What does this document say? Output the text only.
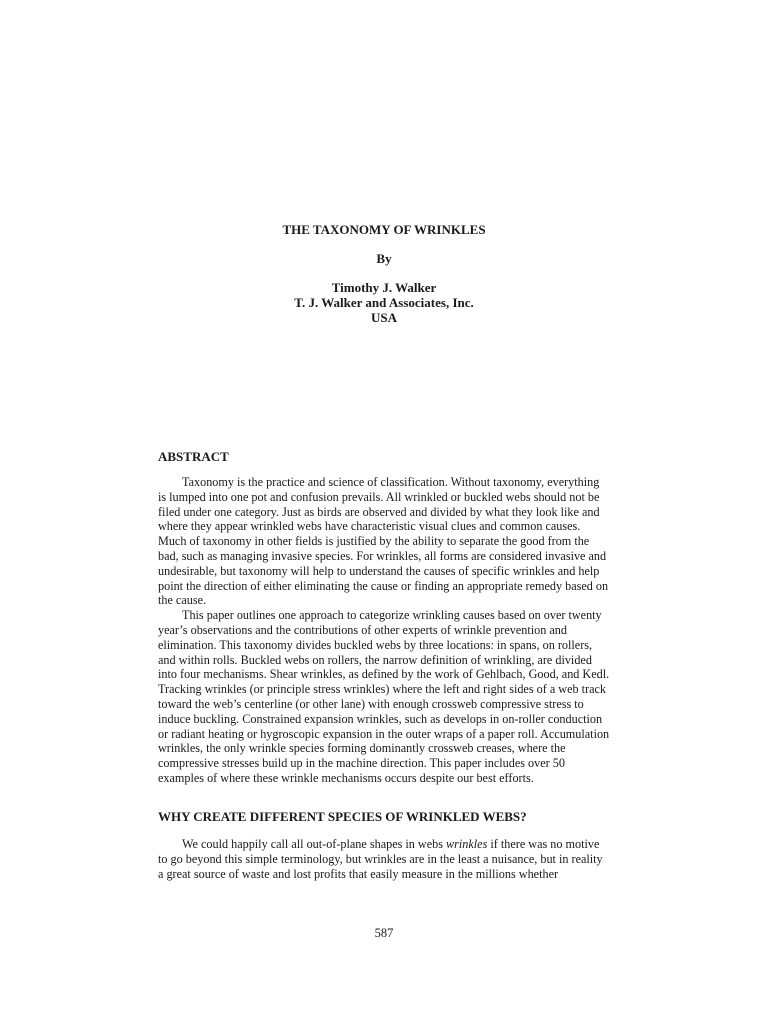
THE TAXONOMY OF WRINKLES
By
Timothy J. Walker
T. J. Walker and Associates, Inc.
USA
ABSTRACT

Taxonomy is the practice and science of classification. Without taxonomy, everything is lumped into one pot and confusion prevails. All wrinkled or buckled webs should not be filed under one category. Just as birds are observed and divided by what they look like and where they appear wrinkled webs have characteristic visual clues and common causes. Much of taxonomy in other fields is justified by the ability to separate the good from the bad, such as managing invasive species. For wrinkles, all forms are considered invasive and undesirable, but taxonomy will help to understand the causes of specific wrinkles and help point the direction of either eliminating the cause or finding an appropriate remedy based on the cause.

This paper outlines one approach to categorize wrinkling causes based on over twenty year’s observations and the contributions of other experts of wrinkle prevention and elimination. This taxonomy divides buckled webs by three locations: in spans, on rollers, and within rolls. Buckled webs on rollers, the narrow definition of wrinkling, are divided into four mechanisms. Shear wrinkles, as defined by the work of Gehlbach, Good, and Kedl. Tracking wrinkles (or principle stress wrinkles) where the left and right sides of a web track toward the web’s centerline (or other lane) with enough crossweb compressive stress to induce buckling. Constrained expansion wrinkles, such as develops in on-roller conduction or radiant heating or hygroscopic expansion in the outer wraps of a paper roll. Accumulation wrinkles, the only wrinkle species forming dominantly crossweb creases, where the compressive stresses build up in the machine direction. This paper includes over 50 examples of where these wrinkle mechanisms occurs despite our best efforts.

WHY CREATE DIFFERENT SPECIES OF WRINKLED WEBS?

We could happily call all out-of-plane shapes in webs wrinkles if there was no motive to go beyond this simple terminology, but wrinkles are in the least a nuisance, but in reality a great source of waste and lost profits that easily measure in the millions whether

587
